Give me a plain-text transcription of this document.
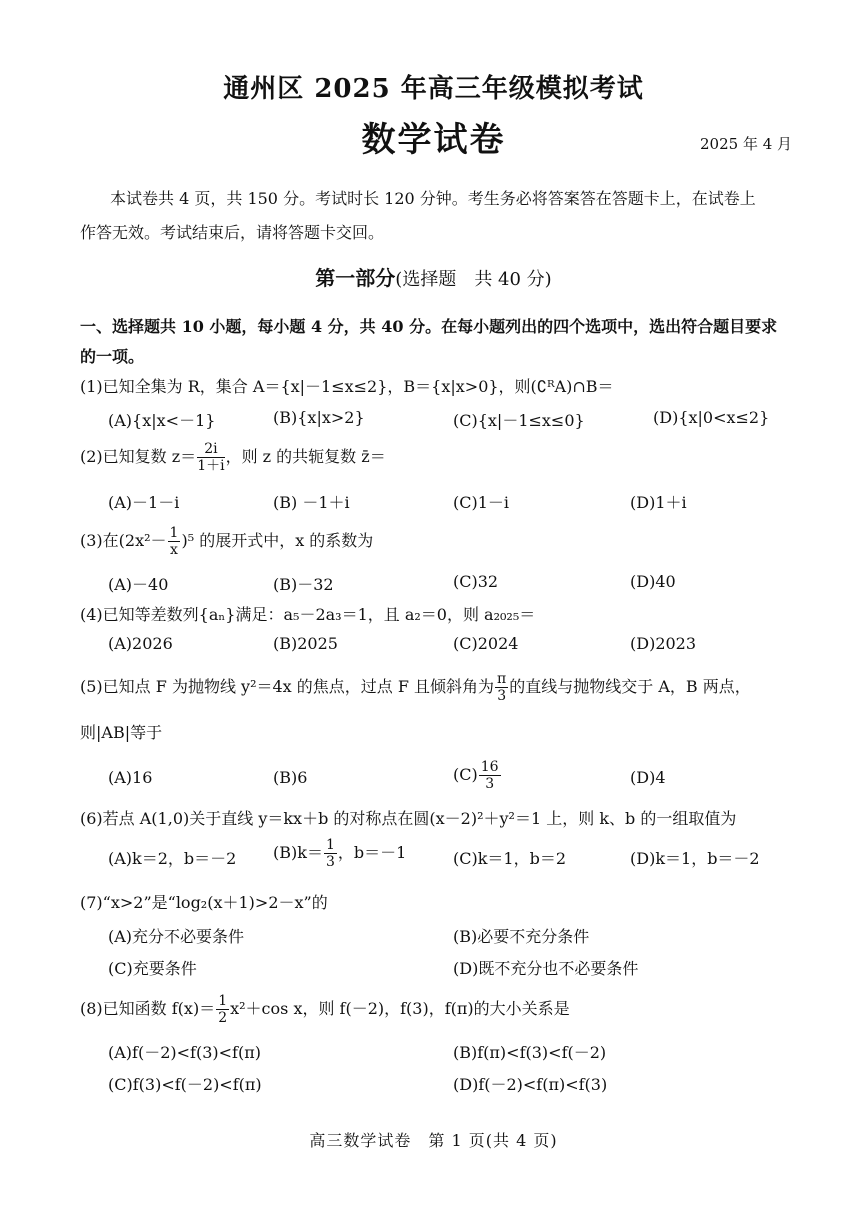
通州区 2025 年高三年级模拟考试
数学试卷	2025 年 4 月
本试卷共 4 页，共 150 分。考试时长 120 分钟。考生务必将答案答在答题卡上，在试卷上
作答无效。考试结束后，请将答题卡交回。
第一部分(选择题　共 40 分)
一、选择题共 10 小题，每小题 4 分，共 40 分。在每小题列出的四个选项中，选出符合题目要求
的一项。
(1)已知全集为 R，集合 A＝{x|－1≤x≤2}，B＝{x|x>0}，则(∁ᴿA)∩B＝
(A){x|x<－1}	(B){x|x>2}	(C){x|－1≤x≤0}	(D){x|0<x≤2}
(2)已知复数 $z= \frac{2i}{1+i}$ ，则 z 的共轭复数 z̄＝
(A)－1－i	(B) －1＋i	(C)1－i	(D)1＋i
(3)在$(2x^2- \frac{1}{x} )^5$ 的展开式中，x 的系数为
(A)－40	(B)－32	(C)32	(D)40
(4)已知等差数列{aₙ}满足：a₅－2a₃＝1，且 a₂＝0，则 a₂₀₂₅＝
(A)2026	(B)2025	(C)2024	(D)2023
(5)已知点 F 为抛物线 y²＝4x 的焦点，过点 F 且倾斜角为 $\frac{\pi}{3}$ 的直线与抛物线交于 A，B 两点，
则|AB|等于
(A)16	(B)6	$(C) \frac{16}{3}$	(D)4
(6)若点 A(1,0)关于直线 y＝kx＋b 的对称点在圆(x－2)²＋y²＝1 上，则 k、b 的一组取值为
(A)k＝2，b＝－2 $(B)k= \frac{1}{3}$ ，b＝－1	(C)k＝1，b＝2	(D)k＝1，b＝－2
(7)“x>2”是“log₂(x＋1)>2－x”的
(A)充分不必要条件	(B)必要不充分条件
(C)充要条件	(D)既不充分也不必要条件
(8)已知函数 $f(x)= \frac{1}{2} x^2+\cos$ x，则 f(－2)，f(3)，f(π)的大小关系是
(A)f(－2)<f(3)<f(π)	(B)f(π)<f(3)<f(－2)
(C)f(3)<f(－2)<f(π)	(D)f(－2)<f(π)<f(3)
高三数学试卷　第 1 页(共 4 页)
